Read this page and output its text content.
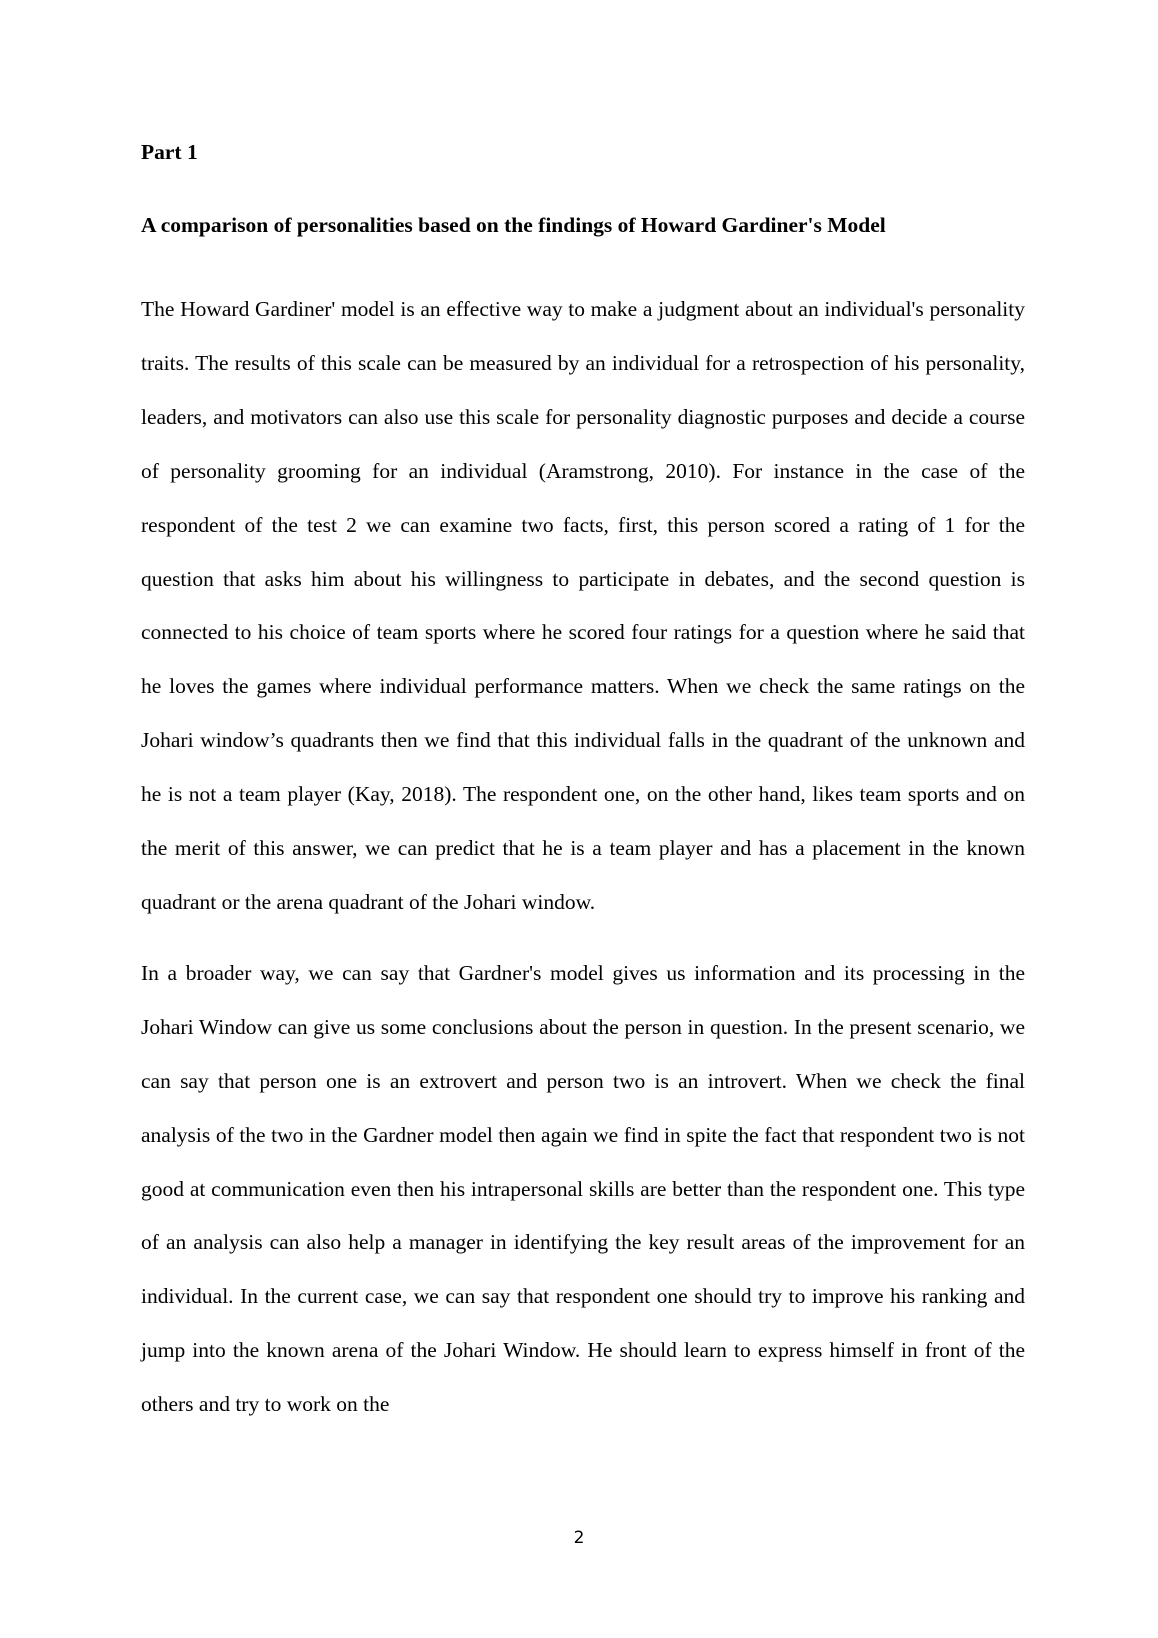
Part 1

A comparison of personalities based on the findings of Howard Gardiner's Model

The Howard Gardiner' model is an effective way to make a judgment about an individual's personality traits. The results of this scale can be measured by an individual for a retrospection of his personality, leaders, and motivators can also use this scale for personality diagnostic purposes and decide a course of personality grooming for an individual (Aramstrong, 2010). For instance in the case of the respondent of the test 2 we can examine two facts, first, this person scored a rating of 1 for the question that asks him about his willingness to participate in debates, and the second question is connected to his choice of team sports where he scored four ratings for a question where he said that he loves the games where individual performance matters. When we check the same ratings on the Johari window’s quadrants then we find that this individual falls in the quadrant of the unknown and he is not a team player (Kay, 2018). The respondent one, on the other hand, likes team sports and on the merit of this answer, we can predict that he is a team player and has a placement in the known quadrant or the arena quadrant of the Johari window.

In a broader way, we can say that Gardner's model gives us information and its processing in the Johari Window can give us some conclusions about the person in question. In the present scenario, we can say that person one is an extrovert and person two is an introvert. When we check the final analysis of the two in the Gardner model then again we find in spite the fact that respondent two is not good at communication even then his intrapersonal skills are better than the respondent one. This type of an analysis can also help a manager in identifying the key result areas of the improvement for an individual. In the current case, we can say that respondent one should try to improve his ranking and jump into the known arena of the Johari Window. He should learn to express himself in front of the others and try to work on the

2
